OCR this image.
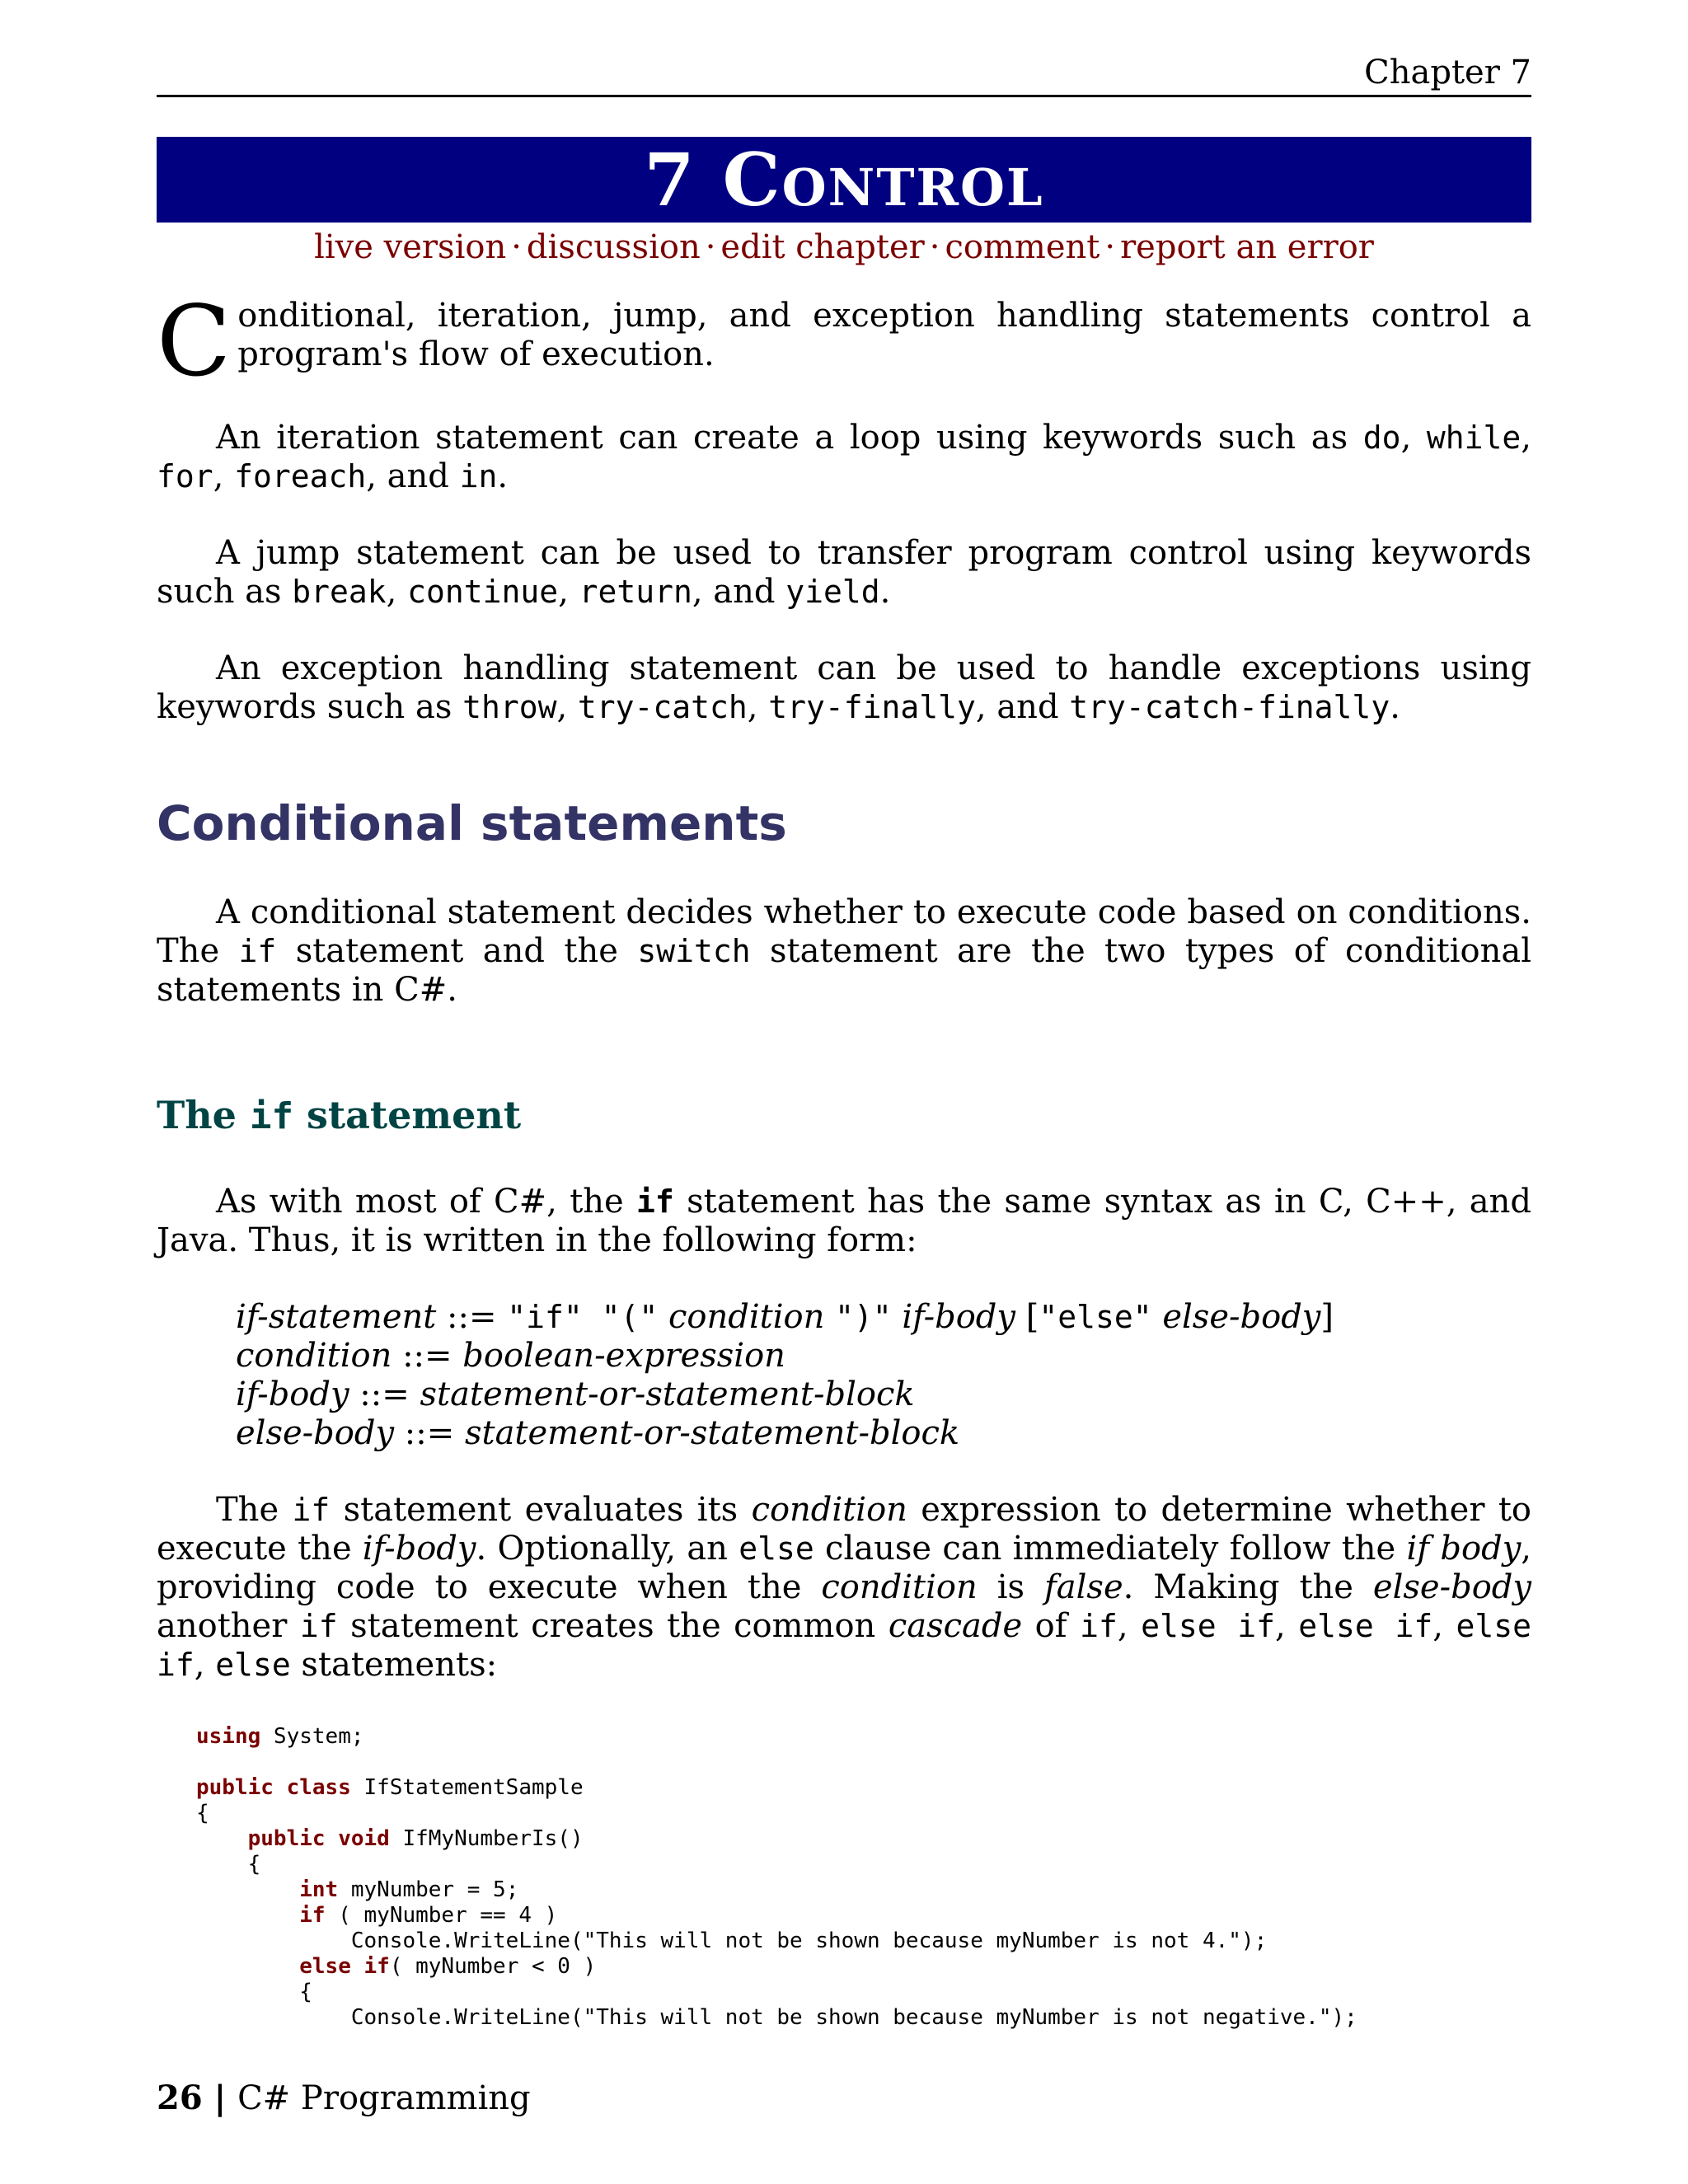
Chapter 7
7 Control
live version · discussion · edit chapter · comment · report an error
C onditional, iteration, jump, and exception handling statements control a program's flow of execution.

An iteration statement can create a loop using keywords such as do, while, for, foreach, and in.

A jump statement can be used to transfer program control using keywords such as break, continue, return, and yield.

An exception handling statement can be used to handle exceptions using keywords such as throw, try-catch, try-finally, and try-catch-finally.

Conditional statements

A conditional statement decides whether to execute code based on conditions. The if statement and the switch statement are the two types of conditional statements in C#.

The if statement

As with most of C#, the if statement has the same syntax as in C, C++, and Java. Thus, it is written in the following form:

if-statement ::= "if" "(" condition ")" if-body ["else" else-body]
condition ::= boolean-expression
if-body ::= statement-or-statement-block
else-body ::= statement-or-statement-block

The if statement evaluates its condition expression to determine whether to execute the if-body. Optionally, an else clause can immediately follow the if body, providing code to execute when the condition is false. Making the else-body another if statement creates the common cascade of if, else if, else if, else if, else statements:

using System;

public class IfStatementSample
{
public void IfMyNumberIs()
{
int myNumber = 5;
if ( myNumber == 4 )
Console.WriteLine("This will not be shown because myNumber is not 4.");
else if( myNumber < 0 )
{
Console.WriteLine("This will not be shown because myNumber is not negative.");
26 | C# Programming
